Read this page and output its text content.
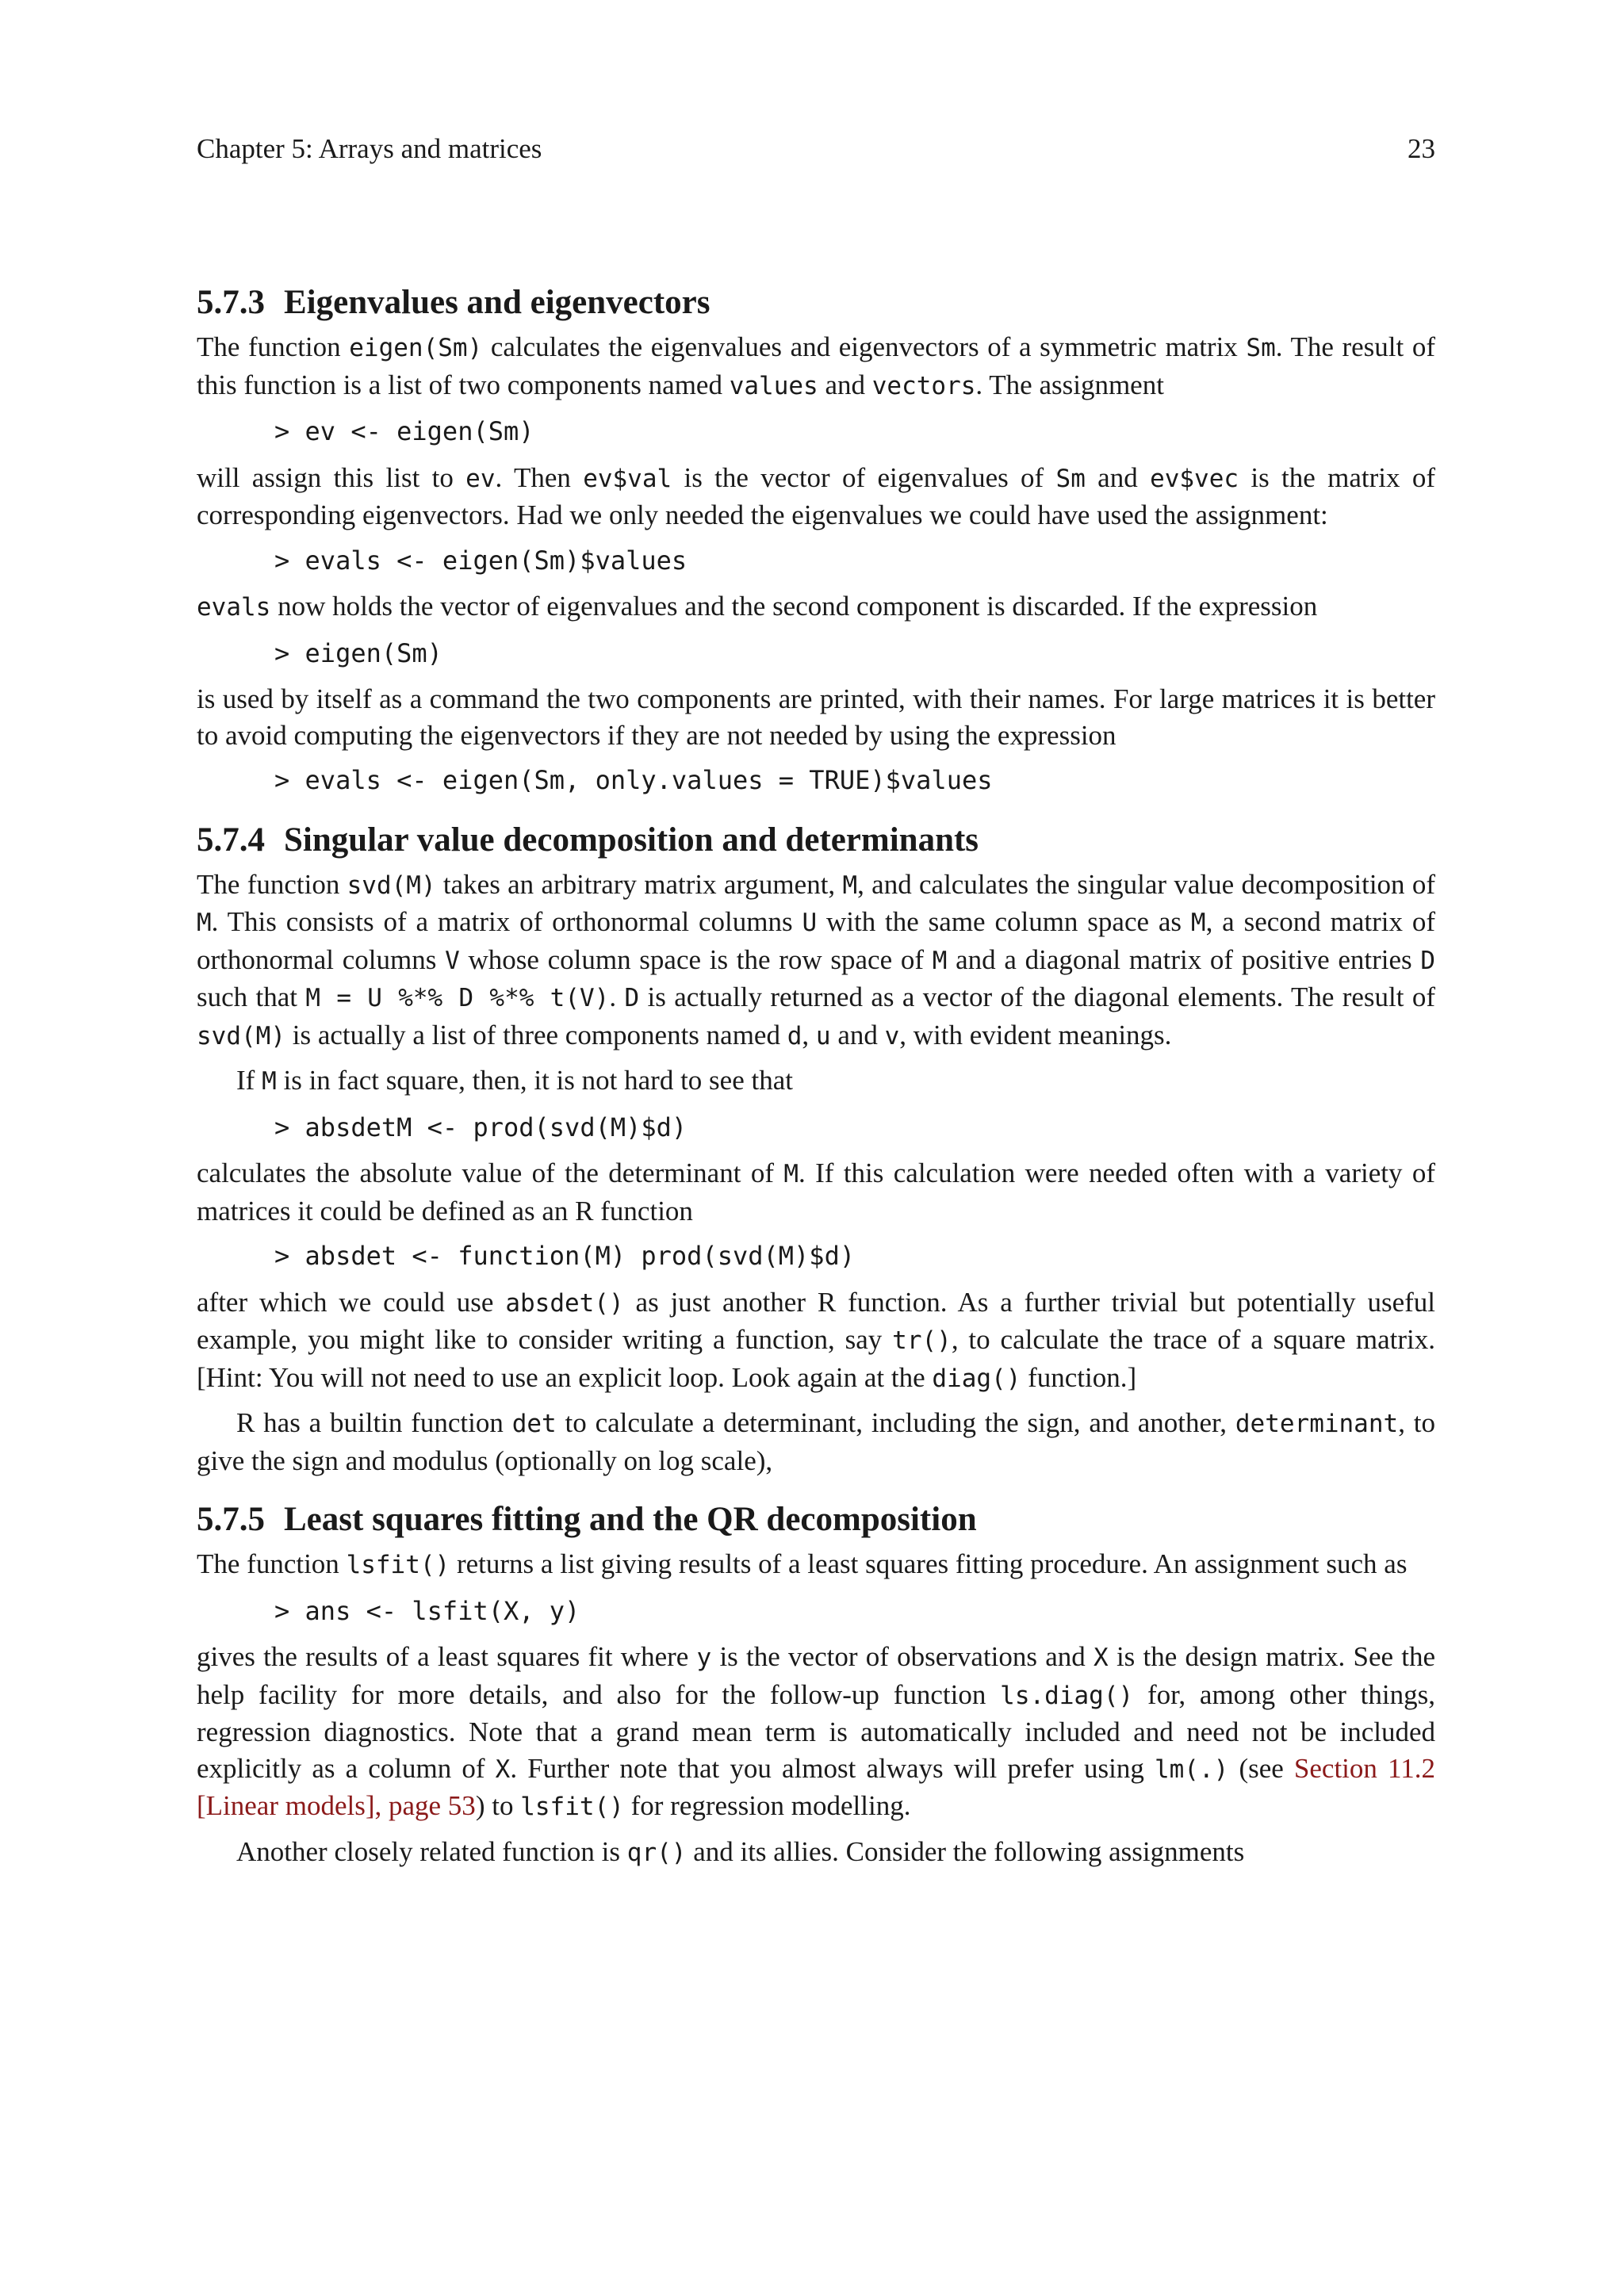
Chapter 5: Arrays and matrices	23
5.7.3 Eigenvalues and eigenvectors

The function eigen(Sm) calculates the eigenvalues and eigenvectors of a symmetric matrix Sm. The result of this function is a list of two components named values and vectors. The assignment

> ev <- eigen(Sm)

will assign this list to ev. Then ev$val is the vector of eigenvalues of Sm and ev$vec is the matrix of corresponding eigenvectors. Had we only needed the eigenvalues we could have used the assignment:

> evals <- eigen(Sm)$values

evals now holds the vector of eigenvalues and the second component is discarded. If the expression

> eigen(Sm)

is used by itself as a command the two components are printed, with their names. For large matrices it is better to avoid computing the eigenvectors if they are not needed by using the expression

> evals <- eigen(Sm, only.values = TRUE)$values
5.7.4 Singular value decomposition and determinants

The function svd(M) takes an arbitrary matrix argument, M, and calculates the singular value decomposition of M. This consists of a matrix of orthonormal columns U with the same column space as M, a second matrix of orthonormal columns V whose column space is the row space of M and a diagonal matrix of positive entries D such that M = U %*% D %*% t(V). D is actually returned as a vector of the diagonal elements. The result of svd(M) is actually a list of three components named d, u and v, with evident meanings.

If M is in fact square, then, it is not hard to see that

> absdetM <- prod(svd(M)$d)

calculates the absolute value of the determinant of M. If this calculation were needed often with a variety of matrices it could be defined as an R function

> absdet <- function(M) prod(svd(M)$d)

after which we could use absdet() as just another R function. As a further trivial but potentially useful example, you might like to consider writing a function, say tr(), to calculate the trace of a square matrix. [Hint: You will not need to use an explicit loop. Look again at the diag() function.]

R has a builtin function det to calculate a determinant, including the sign, and another, determinant, to give the sign and modulus (optionally on log scale),

5.7.5 Least squares fitting and the QR decomposition

The function lsfit() returns a list giving results of a least squares fitting procedure. An assignment such as

> ans <- lsfit(X, y)

gives the results of a least squares fit where y is the vector of observations and X is the design matrix. See the help facility for more details, and also for the follow-up function ls.diag() for, among other things, regression diagnostics. Note that a grand mean term is automatically included and need not be included explicitly as a column of X. Further note that you almost always will prefer using lm(.) (see Section 11.2 [Linear models], page 53) to lsfit() for regression modelling.

Another closely related function is qr() and its allies. Consider the following assignments
